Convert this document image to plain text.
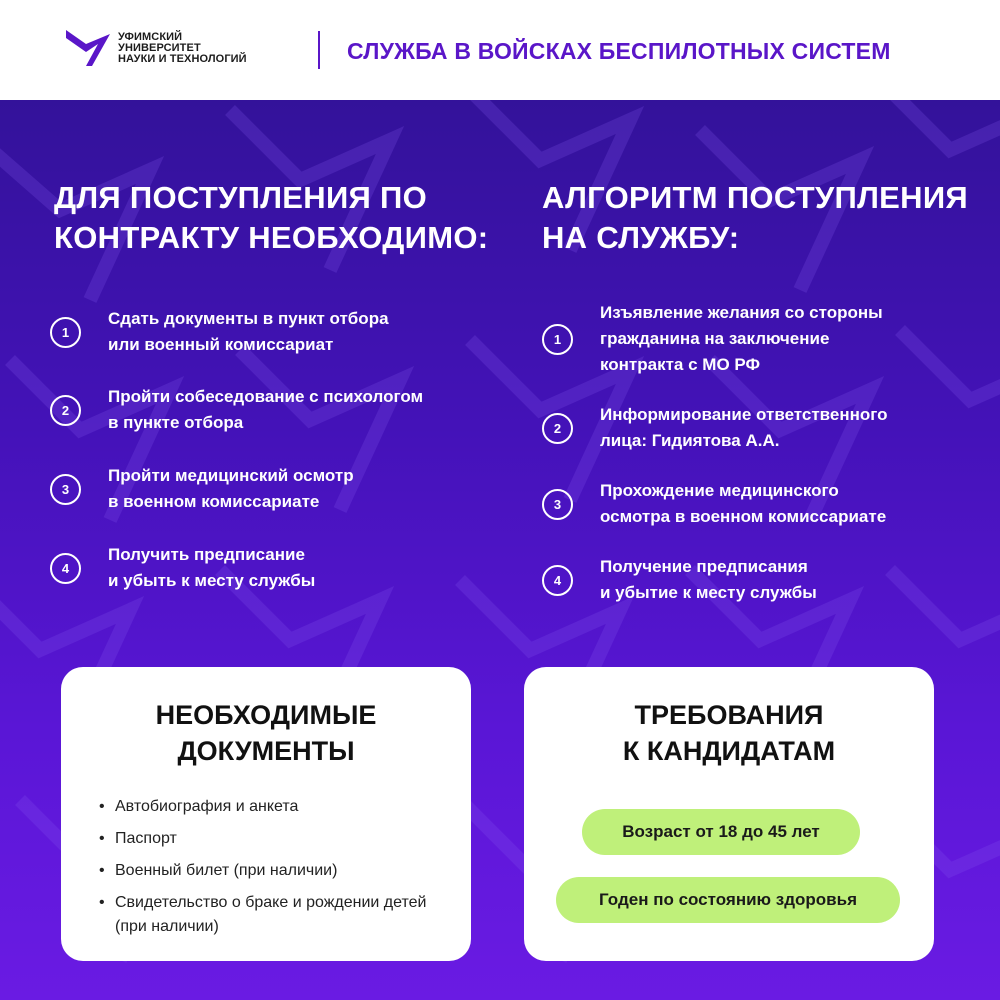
УФИМСКИЙ
УНИВЕРСИТЕТ
НАУКИ И ТЕХНОЛОГИЙ	СЛУЖБА В ВОЙСКАХ БЕСПИЛОТНЫХ СИСТЕМ
ДЛЯ ПОСТУПЛЕНИЯ ПО
КОНТРАКТУ НЕОБХОДИМО:
1
Сдать документы в пункт отбора
или военный комиссариат
2
Пройти собеседование с психологом
в пункте отбора
3
Пройти медицинский осмотр
в военном комиссариате
4
Получить предписание
и убыть к месту службы
АЛГОРИТМ ПОСТУПЛЕНИЯ
НА СЛУЖБУ:
1
Изъявление желания со стороны
гражданина на заключение
контракта с МО РФ
2
Информирование ответственного
лица: Гидиятова А.А.
3
Прохождение медицинского
осмотра в военном комиссариате
4
Получение предписания
и убытие к месту службы
НЕОБХОДИМЫЕ
ДОКУМЕНТЫ
• Автобиография и анкета
• Паспорт
• Военный билет (при наличии)
• Свидетельство о браке и рождении детей (при наличии)
ТРЕБОВАНИЯ
К КАНДИДАТАМ
Возраст от 18 до 45 лет
Годен по состоянию здоровья
